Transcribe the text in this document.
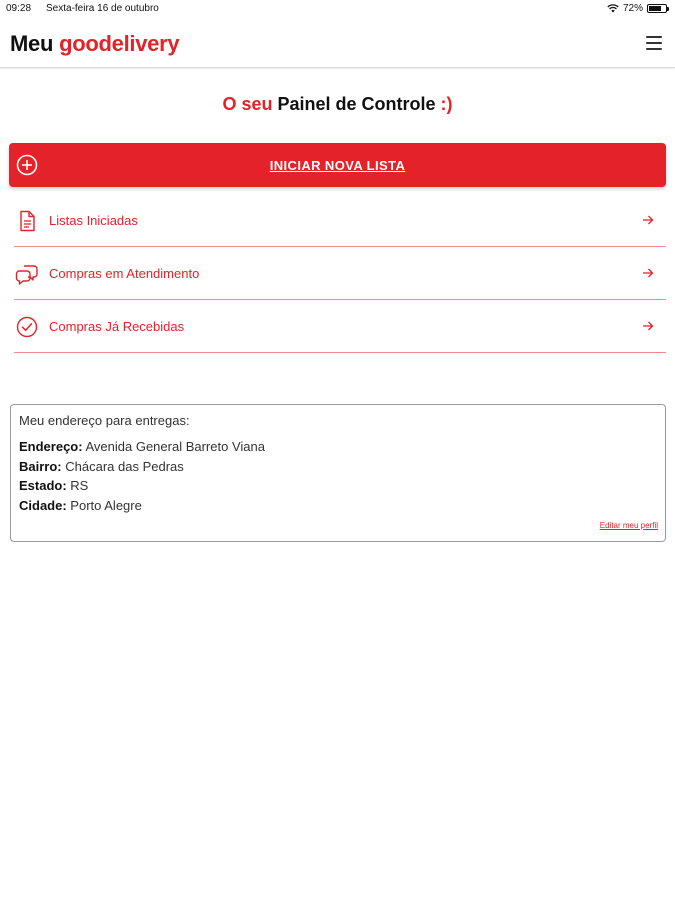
09:28 Sexta-feira 16 de outubro	72%
Meu goodelivery
O seu Painel de Controle :)
INICIAR NOVA LISTA
Listas Iniciadas
Compras em Atendimento
Compras Já Recebidas
Meu endereço para entregas:
Endereço: Avenida General Barreto Viana
Bairro: Chácara das Pedras
Estado: RS
Cidade: Porto Alegre
Editar meu perfil
